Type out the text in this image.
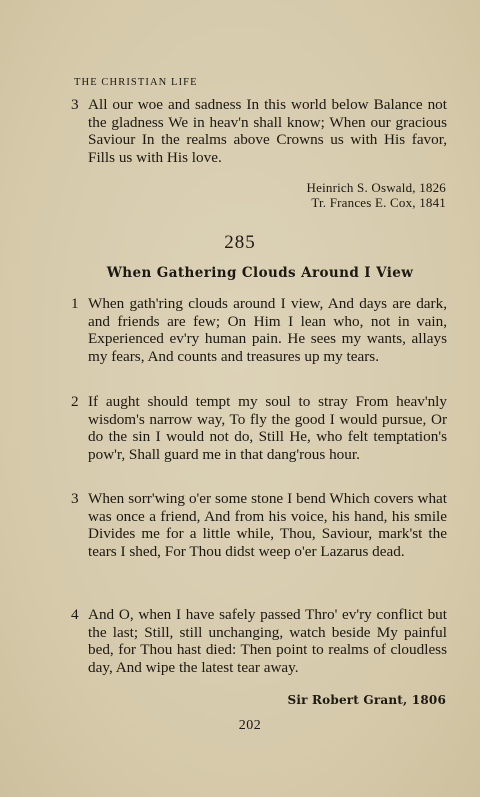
THE CHRISTIAN LIFE
3 All our woe and sadness In this world below Balance not the gladness We in heav'n shall know; When our gracious Saviour In the realms above Crowns us with His favor, Fills us with His love.
Heinrich S. Oswald, 1826
Tr. Frances E. Cox, 1841
285
When Gathering Clouds Around I View
1 When gath'ring clouds around I view, And days are dark, and friends are few; On Him I lean who, not in vain, Experienced ev'ry human pain. He sees my wants, allays my fears, And counts and treasures up my tears.
2 If aught should tempt my soul to stray From heav'nly wisdom's narrow way, To fly the good I would pursue, Or do the sin I would not do, Still He, who felt temptation's pow'r, Shall guard me in that dang'rous hour.
3 When sorr'wing o'er some stone I bend Which covers what was once a friend, And from his voice, his hand, his smile Divides me for a little while, Thou, Saviour, mark'st the tears I shed, For Thou didst weep o'er Lazarus dead.
4 And O, when I have safely passed Thro' ev'ry conflict but the last; Still, still unchanging, watch beside My painful bed, for Thou hast died: Then point to realms of cloudless day, And wipe the latest tear away.
Sir Robert Grant, 1806
202
